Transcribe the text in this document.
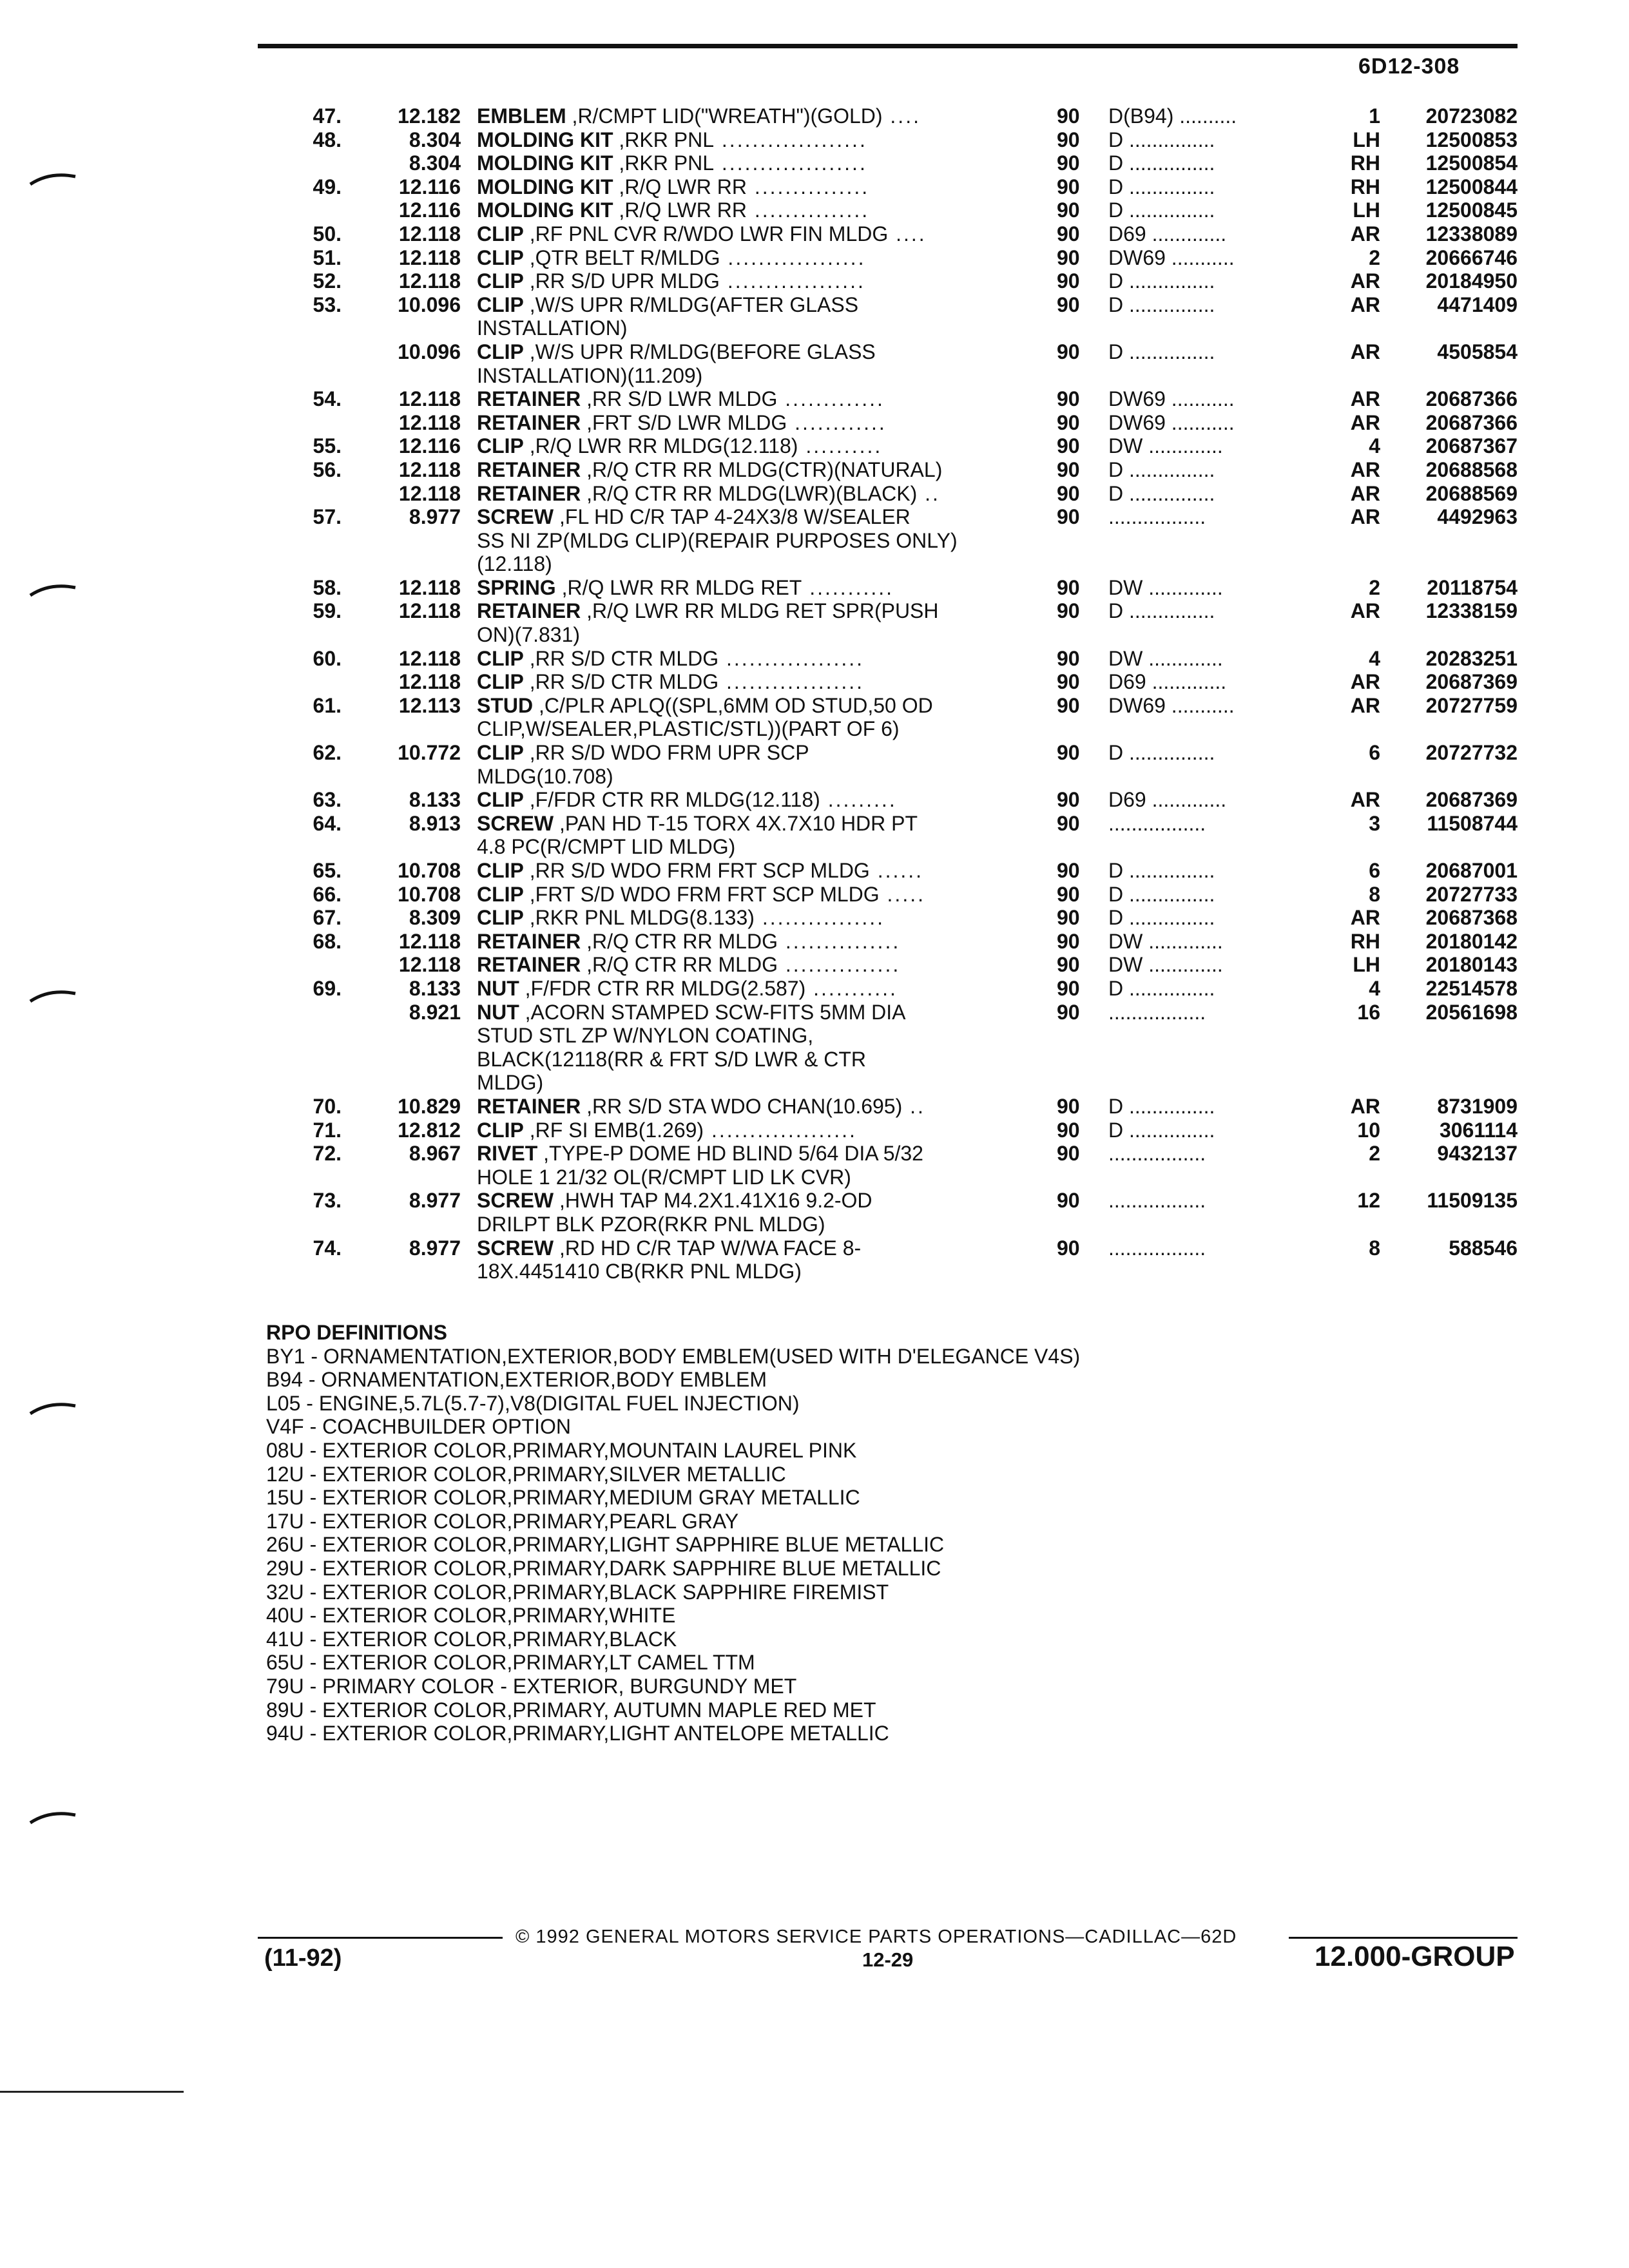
6D12-308
47.	12.182 EMBLEM ,R/CMPT LID("WREATH")(GOLD) ....	90 D(B94) ..........	1	20723082
48.	8.304 MOLDING KIT ,RKR PNL ...................	90 D ...............	LH	12500853
8.304 MOLDING KIT ,RKR PNL ...................	90 D ...............	RH	12500854
49.	12.116 MOLDING KIT ,R/Q LWR RR ...............	90 D ...............	RH	12500844
12.116 MOLDING KIT ,R/Q LWR RR ...............	90 D ...............	LH	12500845
50.	12.118 CLIP ,RF PNL CVR R/WDO LWR FIN MLDG ....	90 D69 .............	AR	12338089
51.	12.118 CLIP ,QTR BELT R/MLDG ..................	90 DW69 ...........	2	20666746
52.	12.118 CLIP ,RR S/D UPR MLDG ..................	90 D ...............	AR	20184950
53.	10.096 CLIP ,W/S UPR R/MLDG(AFTER GLASS	90 D ...............	AR	4471409
INSTALLATION)
10.096 CLIP ,W/S UPR R/MLDG(BEFORE GLASS	90 D ...............	AR	4505854
INSTALLATION)(11.209)
54.	12.118 RETAINER ,RR S/D LWR MLDG .............	90 DW69 ...........	AR	20687366
12.118 RETAINER ,FRT S/D LWR MLDG ............	90 DW69 ...........	AR	20687366
55.	12.116 CLIP ,R/Q LWR RR MLDG(12.118) ..........	90 DW .............	4	20687367
56.	12.118 RETAINER ,R/Q CTR RR MLDG(CTR)(NATURAL)	90 D ...............	AR	20688568
12.118 RETAINER ,R/Q CTR RR MLDG(LWR)(BLACK) ..	90 D ...............	AR	20688569
57.	8.977 SCREW ,FL HD C/R TAP 4-24X3/8 W/SEALER	90 .................	AR	4492963
SS NI ZP(MLDG CLIP)(REPAIR PURPOSES ONLY)
(12.118)
58.	12.118 SPRING ,R/Q LWR RR MLDG RET ...........	90 DW .............	2	20118754
59.	12.118 RETAINER ,R/Q LWR RR MLDG RET SPR(PUSH	90 D ...............	AR	12338159
ON)(7.831)
60.	12.118 CLIP ,RR S/D CTR MLDG ..................	90 DW .............	4	20283251
12.118 CLIP ,RR S/D CTR MLDG ..................	90 D69 .............	AR	20687369
61.	12.113 STUD ,C/PLR APLQ((SPL,6MM OD STUD,50 OD	90 DW69 ...........	AR	20727759
CLIP,W/SEALER,PLASTIC/STL))(PART OF 6)
62.	10.772 CLIP ,RR S/D WDO FRM UPR SCP	90 D ...............	6	20727732
MLDG(10.708)
63.	8.133 CLIP ,F/FDR CTR RR MLDG(12.118) .........	90 D69 .............	AR	20687369
64.	8.913 SCREW ,PAN HD T-15 TORX 4X.7X10 HDR PT	90 .................	3	11508744
4.8 PC(R/CMPT LID MLDG)
65.	10.708 CLIP ,RR S/D WDO FRM FRT SCP MLDG ......	90 D ...............	6	20687001
66.	10.708 CLIP ,FRT S/D WDO FRM FRT SCP MLDG .....	90 D ...............	8	20727733
67.	8.309 CLIP ,RKR PNL MLDG(8.133) ................	90 D ...............	AR	20687368
68.	12.118 RETAINER ,R/Q CTR RR MLDG ...............	90 DW .............	RH	20180142
12.118 RETAINER ,R/Q CTR RR MLDG ...............	90 DW .............	LH	20180143
69.	8.133 NUT ,F/FDR CTR RR MLDG(2.587) ...........	90 D ...............	4	22514578
8.921 NUT ,ACORN STAMPED SCW-FITS 5MM DIA	90 .................	16	20561698
STUD STL ZP W/NYLON COATING,
BLACK(12118(RR & FRT S/D LWR & CTR
MLDG)
70.	10.829 RETAINER ,RR S/D STA WDO CHAN(10.695) ..	90 D ...............	AR	8731909
71.	12.812 CLIP ,RF SI EMB(1.269) ...................	90 D ...............	10	3061114
72.	8.967 RIVET ,TYPE-P DOME HD BLIND 5/64 DIA 5/32	90 .................	2	9432137
HOLE 1 21/32 OL(R/CMPT LID LK CVR)
73.	8.977 SCREW ,HWH TAP M4.2X1.41X16 9.2-OD	90 .................	12	11509135
DRILPT BLK PZOR(RKR PNL MLDG)
74.	8.977 SCREW ,RD HD C/R TAP W/WA FACE 8-	90 .................	8	588546
18X.4451410 CB(RKR PNL MLDG)
RPO DEFINITIONS
BY1 - ORNAMENTATION,EXTERIOR,BODY EMBLEM(USED WITH D'ELEGANCE V4S)
B94 - ORNAMENTATION,EXTERIOR,BODY EMBLEM
L05 - ENGINE,5.7L(5.7-7),V8(DIGITAL FUEL INJECTION)
V4F - COACHBUILDER OPTION
08U - EXTERIOR COLOR,PRIMARY,MOUNTAIN LAUREL PINK
12U - EXTERIOR COLOR,PRIMARY,SILVER METALLIC
15U - EXTERIOR COLOR,PRIMARY,MEDIUM GRAY METALLIC
17U - EXTERIOR COLOR,PRIMARY,PEARL GRAY
26U - EXTERIOR COLOR,PRIMARY,LIGHT SAPPHIRE BLUE METALLIC
29U - EXTERIOR COLOR,PRIMARY,DARK SAPPHIRE BLUE METALLIC
32U - EXTERIOR COLOR,PRIMARY,BLACK SAPPHIRE FIREMIST
40U - EXTERIOR COLOR,PRIMARY,WHITE
41U - EXTERIOR COLOR,PRIMARY,BLACK
65U - EXTERIOR COLOR,PRIMARY,LT CAMEL TTM
79U - PRIMARY COLOR - EXTERIOR, BURGUNDY MET
89U - EXTERIOR COLOR,PRIMARY, AUTUMN MAPLE RED MET
94U - EXTERIOR COLOR,PRIMARY,LIGHT ANTELOPE METALLIC
© 1992 GENERAL MOTORS SERVICE PARTS OPERATIONS—CADILLAC—62D
(11-92)	12-29	12.000-GROUP
